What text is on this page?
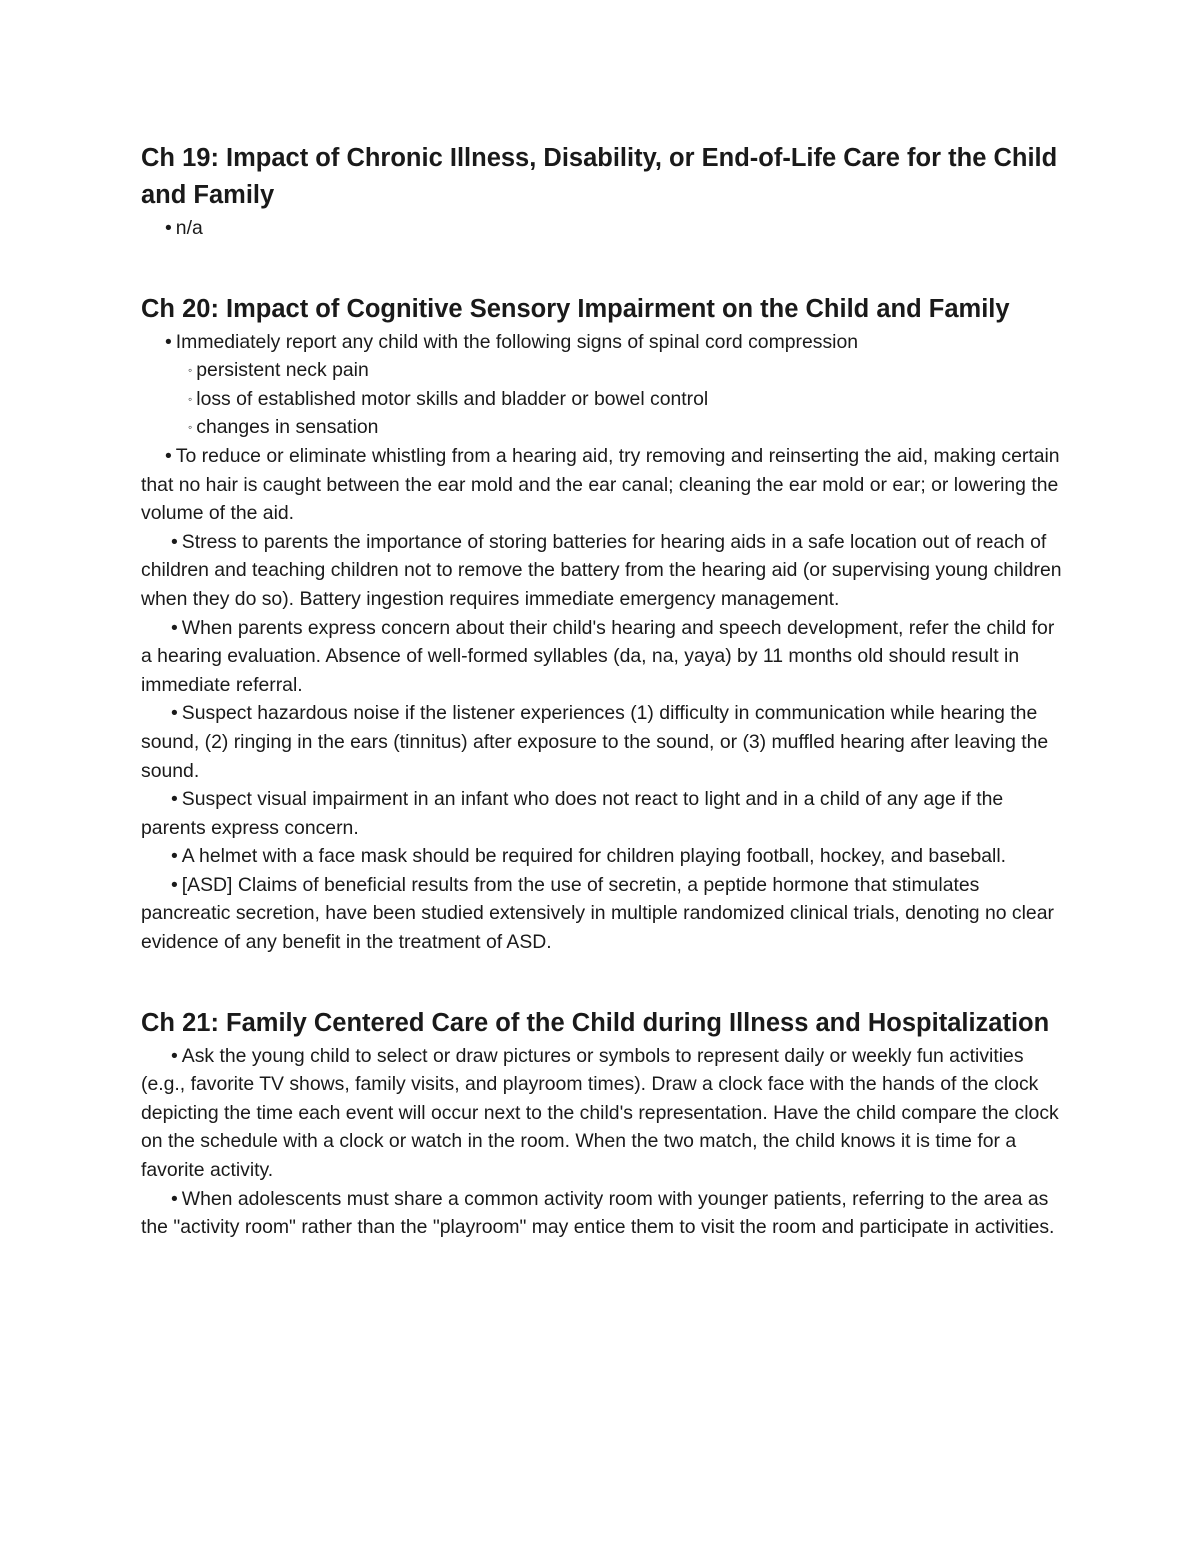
Ch 19: Impact of Chronic Illness, Disability, or End-of-Life Care for the Child and Family

• n/a

Ch 20: Impact of Cognitive Sensory Impairment on the Child and Family

• Immediately report any child with the following signs of spinal cord compression

◦ persistent neck pain

◦ loss of established motor skills and bladder or bowel control

◦ changes in sensation

• To reduce or eliminate whistling from a hearing aid, try removing and reinserting the aid, making certain that no hair is caught between the ear mold and the ear canal; cleaning the ear mold or ear; or lowering the volume of the aid.

• Stress to parents the importance of storing batteries for hearing aids in a safe location out of reach of children and teaching children not to remove the battery from the hearing aid (or supervising young children when they do so). Battery ingestion requires immediate emergency management.

• When parents express concern about their child's hearing and speech development, refer the child for a hearing evaluation. Absence of well-formed syllables (da, na, yaya) by 11 months old should result in immediate referral.

• Suspect hazardous noise if the listener experiences (1) difficulty in communication while hearing the sound, (2) ringing in the ears (tinnitus) after exposure to the sound, or (3) muffled hearing after leaving the sound.

• Suspect visual impairment in an infant who does not react to light and in a child of any age if the parents express concern.

• A helmet with a face mask should be required for children playing football, hockey, and baseball.

• [ASD] Claims of beneficial results from the use of secretin, a peptide hormone that stimulates pancreatic secretion, have been studied extensively in multiple randomized clinical trials, denoting no clear evidence of any benefit in the treatment of ASD.

Ch 21: Family Centered Care of the Child during Illness and Hospitalization

• Ask the young child to select or draw pictures or symbols to represent daily or weekly fun activities (e.g., favorite TV shows, family visits, and playroom times). Draw a clock face with the hands of the clock depicting the time each event will occur next to the child's representation. Have the child compare the clock on the schedule with a clock or watch in the room. When the two match, the child knows it is time for a favorite activity.

• When adolescents must share a common activity room with younger patients, referring to the area as the "activity room" rather than the "playroom" may entice them to visit the room and participate in activities.
